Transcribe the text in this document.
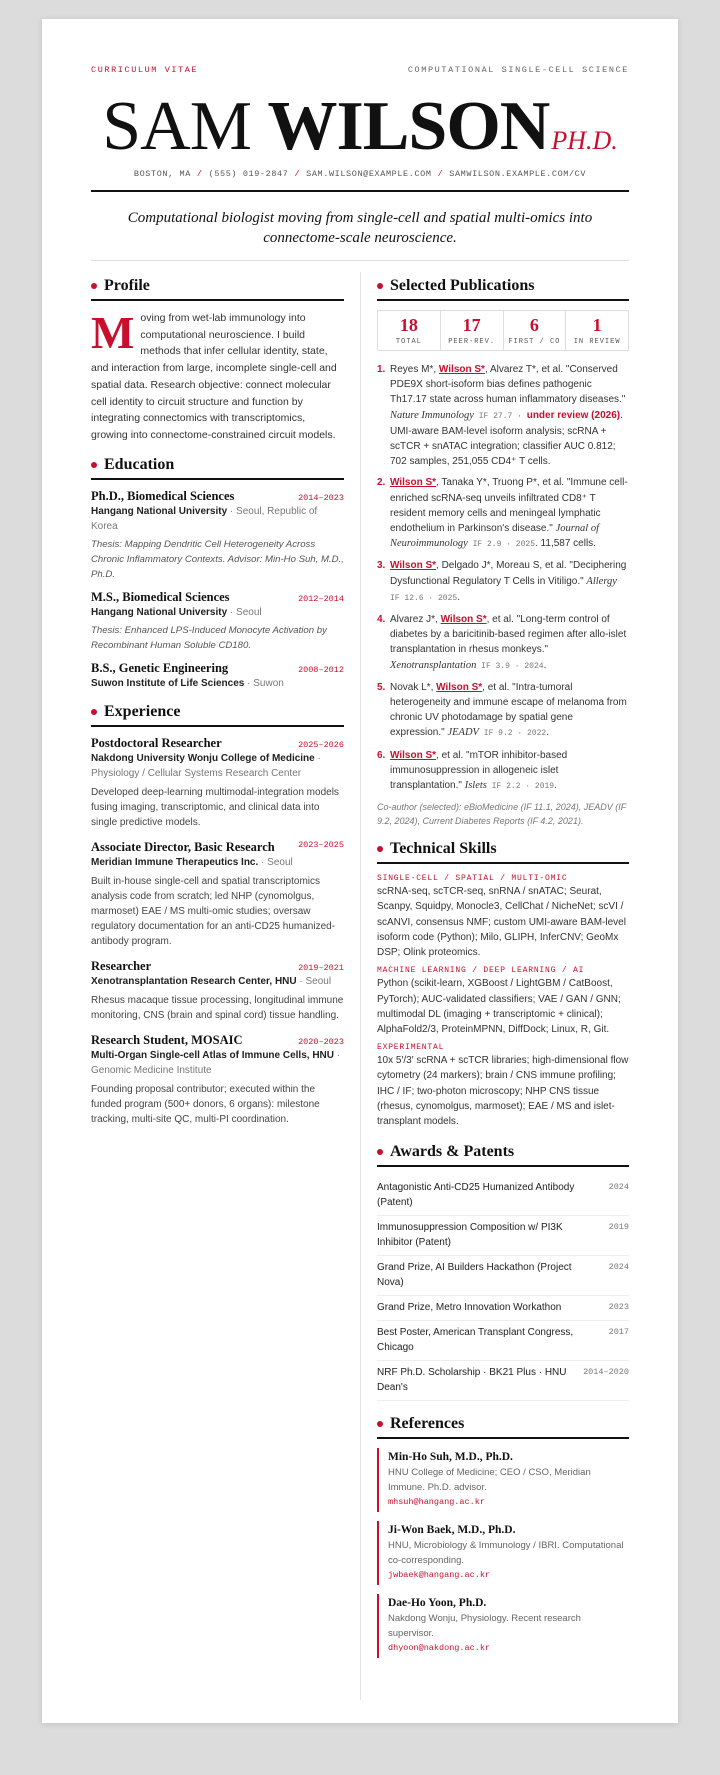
CURRICULUM VITAE	COMPUTATIONAL SINGLE-CELL SCIENCE
SAM WILSONPH.D.
BOSTON, MA / (555) 019-2847 / SAM.WILSON@EXAMPLE.COM / SAMWILSON.EXAMPLE.COM/CV
Computational biologist moving from single-cell and spatial multi-omics into connectome-scale neuroscience.
Profile
Moving from wet-lab immunology into computational neuroscience. I build methods that infer cellular identity, state, and interaction from large, incomplete single-cell and spatial data. Research objective: connect molecular cell identity to circuit structure and function by integrating connectomics with transcriptomics, growing into connectome-constrained circuit models.
Education
Ph.D., Biomedical Sciences	2014–2023
Hangang National University · Seoul, Republic of Korea
Thesis: Mapping Dendritic Cell Heterogeneity Across Chronic Inflammatory Contexts. Advisor: Min-Ho Suh, M.D., Ph.D.
M.S., Biomedical Sciences	2012–2014
Hangang National University · Seoul
Thesis: Enhanced LPS-Induced Monocyte Activation by Recombinant Human Soluble CD180.
B.S., Genetic Engineering	2008–2012
Suwon Institute of Life Sciences · Suwon
Experience
Postdoctoral Researcher	2025–2026
Nakdong University Wonju College of Medicine · Physiology / Cellular Systems Research Center
Developed deep-learning multimodal-integration models fusing imaging, transcriptomic, and clinical data into single predictive models.
Associate Director, Basic Research	2023–2025
Meridian Immune Therapeutics Inc. · Seoul
Built in-house single-cell and spatial transcriptomics analysis code from scratch; led NHP (cynomolgus, marmoset) EAE / MS multi-omic studies; oversaw regulatory documentation for an anti-CD25 humanized-antibody program.
Researcher	2019–2021
Xenotransplantation Research Center, HNU · Seoul
Rhesus macaque tissue processing, longitudinal immune monitoring, CNS (brain and spinal cord) tissue handling.
Research Student, MOSAIC	2020–2023
Multi-Organ Single-cell Atlas of Immune Cells, HNU · Genomic Medicine Institute
Founding proposal contributor; executed within the funded program (500+ donors, 6 organs): milestone tracking, multi-site QC, multi-PI coordination.
Selected Publications
18
TOTAL
17
PEER-REV.
6
FIRST / CO
1
IN REVIEW
1. Reyes M*, Wilson S*, Alvarez T*, et al. "Conserved PDE9X short-isoform bias defines pathogenic Th17.17 state across human inflammatory diseases." Nature Immunology IF 27.7 · under review (2026). UMI-aware BAM-level isoform analysis; scRNA + scTCR + snATAC integration; classifier AUC 0.812; 702 samples, 251,055 CD4⁺ T cells.
2. Wilson S*, Tanaka Y*, Truong P*, et al. "Immune cell-enriched scRNA-seq unveils infiltrated CD8⁺ T resident memory cells and meningeal lymphatic endothelium in Parkinson's disease." Journal of Neuroimmunology IF 2.9 · 2025. 11,587 cells.
3. Wilson S*, Delgado J*, Moreau S, et al. "Deciphering Dysfunctional Regulatory T Cells in Vitiligo." Allergy IF 12.6 · 2025.
4. Alvarez J*, Wilson S*, et al. "Long-term control of diabetes by a baricitinib-based regimen after allo-islet transplantation in rhesus monkeys." Xenotransplantation IF 3.9 · 2024.
5. Novak L*, Wilson S*, et al. "Intra-tumoral heterogeneity and immune escape of melanoma from chronic UV photodamage by spatial gene expression." JEADV IF 9.2 · 2022.
6. Wilson S*, et al. "mTOR inhibitor-based immunosuppression in allogeneic islet transplantation." Islets IF 2.2 · 2019.
Co-author (selected): eBioMedicine (IF 11.1, 2024), JEADV (IF 9.2, 2024), Current Diabetes Reports (IF 4.2, 2021).
Technical Skills
SINGLE-CELL / SPATIAL / MULTI-OMIC
scRNA-seq, scTCR-seq, snRNA / snATAC; Seurat, Scanpy, Squidpy, Monocle3, CellChat / NicheNet; scVI / scANVI, consensus NMF; custom UMI-aware BAM-level isoform code (Python); Milo, GLIPH, InferCNV; GeoMx DSP; Olink proteomics.
MACHINE LEARNING / DEEP LEARNING / AI
Python (scikit-learn, XGBoost / LightGBM / CatBoost, PyTorch); AUC-validated classifiers; VAE / GAN / GNN; multimodal DL (imaging + transcriptomic + clinical); AlphaFold2/3, ProteinMPNN, DiffDock; Linux, R, Git.
EXPERIMENTAL
10x 5′/3′ scRNA + scTCR libraries; high-dimensional flow cytometry (24 markers); brain / CNS immune profiling; IHC / IF; two-photon microscopy; NHP CNS tissue (rhesus, cynomolgus, marmoset); EAE / MS and islet-transplant models.
Awards & Patents
Antagonistic Anti-CD25 Humanized Antibody (Patent)
2024
Immunosuppression Composition w/ PI3K Inhibitor (Patent)
2019
Grand Prize, AI Builders Hackathon (Project Nova)
2024
Grand Prize, Metro Innovation Workathon	2023
Best Poster, American Transplant Congress, Chicago
2017
NRF Ph.D. Scholarship · BK21 Plus · HNU Dean's
2014–2020
References
Min-Ho Suh, M.D., Ph.D.
HNU College of Medicine; CEO / CSO, Meridian Immune. Ph.D. advisor.
mhsuh@hangang.ac.kr
Ji-Won Baek, M.D., Ph.D.
HNU, Microbiology & Immunology / IBRI. Computational co-corresponding.
jwbaek@hangang.ac.kr
Dae-Ho Yoon, Ph.D.
Nakdong Wonju, Physiology. Recent research supervisor.
dhyoon@nakdong.ac.kr
